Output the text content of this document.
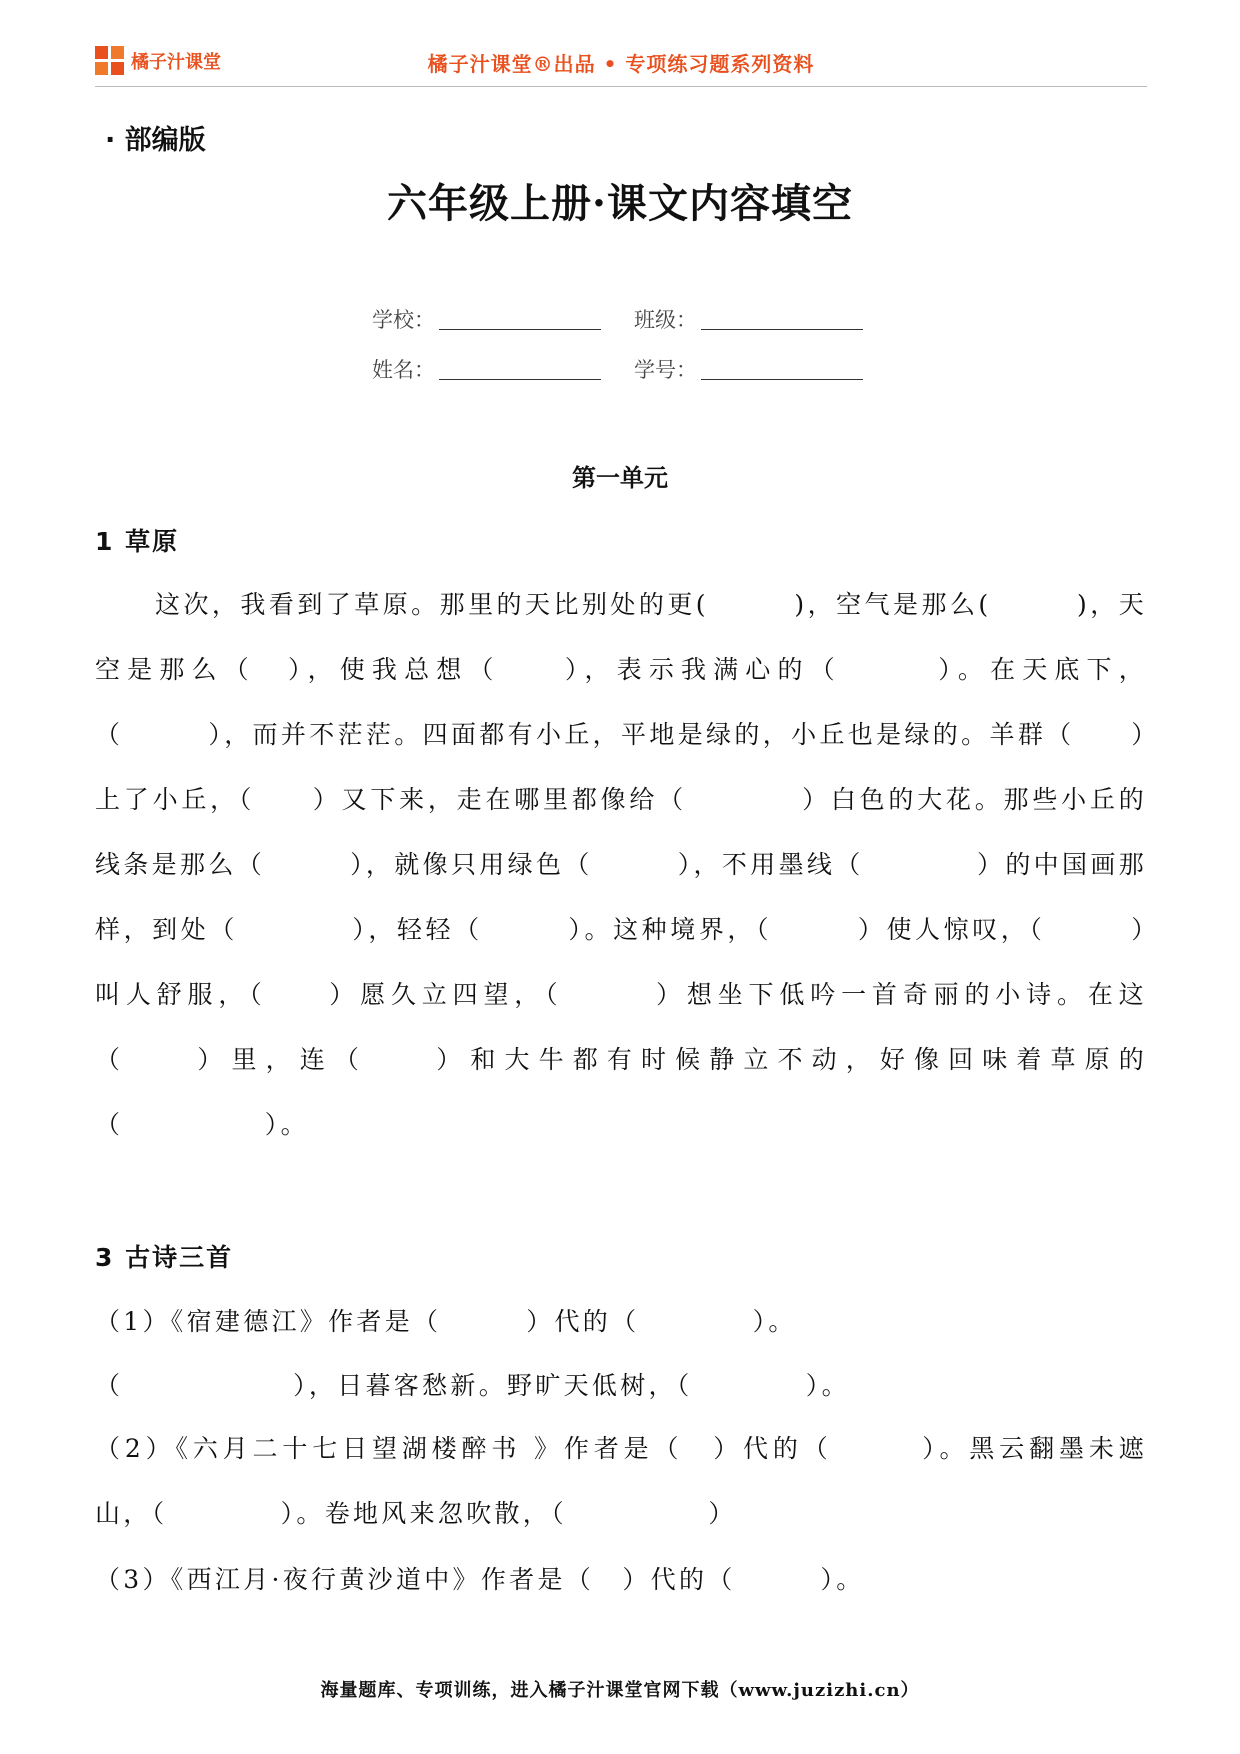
橘子汁课堂	橘子汁课堂®出品 • 专项练习题系列资料
· 部编版
六年级上册·课文内容填空
学校：	班级：
姓名：	学号：
第一单元
1 草原

这次，我看到了草原。那里的天比别处的更(　　　)，空气是那么(　　　)，天空是那么（　），使我总想（　　），表示我满心的（　　　）。在天底下，（　　　），而并不茫茫。四面都有小丘，平地是绿的，小丘也是绿的。羊群（　　）上了小丘，（　　）又下来，走在哪里都像给（　　　　）白色的大花。那些小丘的线条是那么（　　　），就像只用绿色（　　　），不用墨线（　　　　）的中国画那样，到处（　　　　），轻轻（　　　）。这种境界，（　　　）使人惊叹，（　　　）叫人舒服，（　　）愿久立四望，（　　　）想坐下低吟一首奇丽的小诗。在这（　　）里，连（　　）和大牛都有时候静立不动，好像回味着草原的（　　　　　）。

3 古诗三首
（1）《宿建德江》作者是（　　　）代的（　　　　）。
（　　　　　　），日暮客愁新。野旷天低树，（　　　　）。

（2）《六月二十七日望湖楼醉书 》作者是（　）代的（　　　）。黑云翻墨未遮山，（　　　　）。卷地风来忽吹散，（　　　　　）

（3）《西江月·夜行黄沙道中》作者是（　）代的（　　　）。
海量题库、专项训练，进入橘子汁课堂官网下载（www.juzizhi.cn）
